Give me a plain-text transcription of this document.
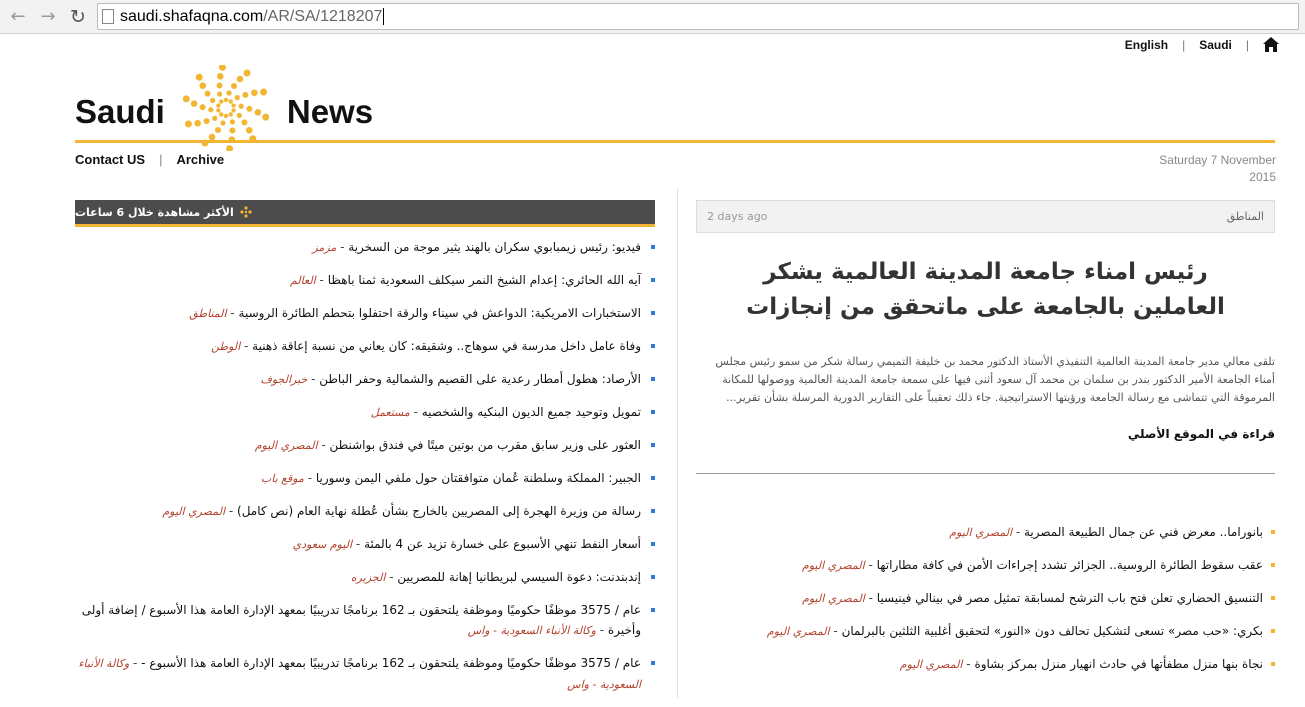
← → ↻ saudi.shafaqna.com /AR/SA/1218207
English | Saudi |
Saudi	News
Contact US | Archive	Saturday 7 November
2015
الأكثر مشاهدة خلال 6 ساعات
فيديو: رئيس زيمبابوي سكران بالهند يثير موجة من السخرية - مزمز
آيه الله الحائري: إعدام الشيخ النمر سيكلف السعودية ثمنا باهظا - العالم
الاستخبارات الامريكية: الدواعش في سيناء والرقة احتفلوا بتحطم الطائرة الروسية - المناطق
وفاة عامل داخل مدرسة في سوهاج.. وشقيقه: كان يعاني من نسبة إعاقة ذهنية - الوطن
الأرصاد: هطول أمطار رعدية على القصيم والشمالية وحفر الباطن - خبرالجوف
تمويل وتوحيد جميع الديون البنكيه والشخصيه - مستعمل
العثور على وزير سابق مقرب من بوتين ميتًا في فندق بواشنطن - المصري اليوم
الجبير: المملكة وسلطنة عُمان متوافقتان حول ملفي اليمن وسوريا - موقع باب
رسالة من وزيرة الهجرة إلى المصريين بالخارج بشأن عُطلة نهاية العام (نص كامل) - المصري اليوم
أسعار النفط تنهي الأسبوع على خسارة تزيد عن 4 بالمئة - اليوم سعودي
إندبندنت: دعوة السيسي لبريطانيا إهانة للمصريين - الجزيره
عام / 3575 موظفًا حكوميًا وموظفة يلتحقون بـ 162 برنامجًا تدريبيًا بمعهد الإدارة العامة هذا الأسبوع / إضافة أولى وأخيرة - وكالة الأنباء السعودية - واس
عام / 3575 موظفًا حكوميًا وموظفة يلتحقون بـ 162 برنامجًا تدريبيًا بمعهد الإدارة العامة هذا الأسبوع - - وكالة الأنباء السعودية - واس
2 days ago	المناطق
رئيس امناء جامعة المدينة العالمية يشكر العاملين بالجامعة على ماتحقق من إنجازات

تلقى معالي مدير جامعة المدينة العالمية التنفيذي الأستاذ الدكتور محمد بن خليفة التميمي رسالة شكر من سمو رئيس مجلس أمناء الجامعة الأمير الدكتور بندر بن سلمان بن محمد آل سعود أثنى فيها على سمعة جامعة المدينة العالمية ووصولها للمكانة المرموقة التي تتماشى مع رسالة الجامعة ورؤيتها الاستراتيجية. جاء ذلك تعقيباً على التقارير الدورية المرسلة بشأن تقرير...

قراءة في الموقع الأصلي
بانوراما.. معرض فني عن جمال الطبيعة المصرية - المصري اليوم
عقب سقوط الطائرة الروسية.. الجزائر تشدد إجراءات الأمن في كافة مطاراتها - المصري اليوم
التنسيق الحضاري تعلن فتح باب الترشح لمسابقة تمثيل مصر في بينالي فينيسيا - المصري اليوم
بكري: «حب مصر» تسعى لتشكيل تحالف دون «النور» لتحقيق أغلبية الثلثين بالبرلمان - المصري اليوم
نجاة بنها منزل مطفأتها في حادث انهيار منزل بمركز بشاوة - المصري اليوم
